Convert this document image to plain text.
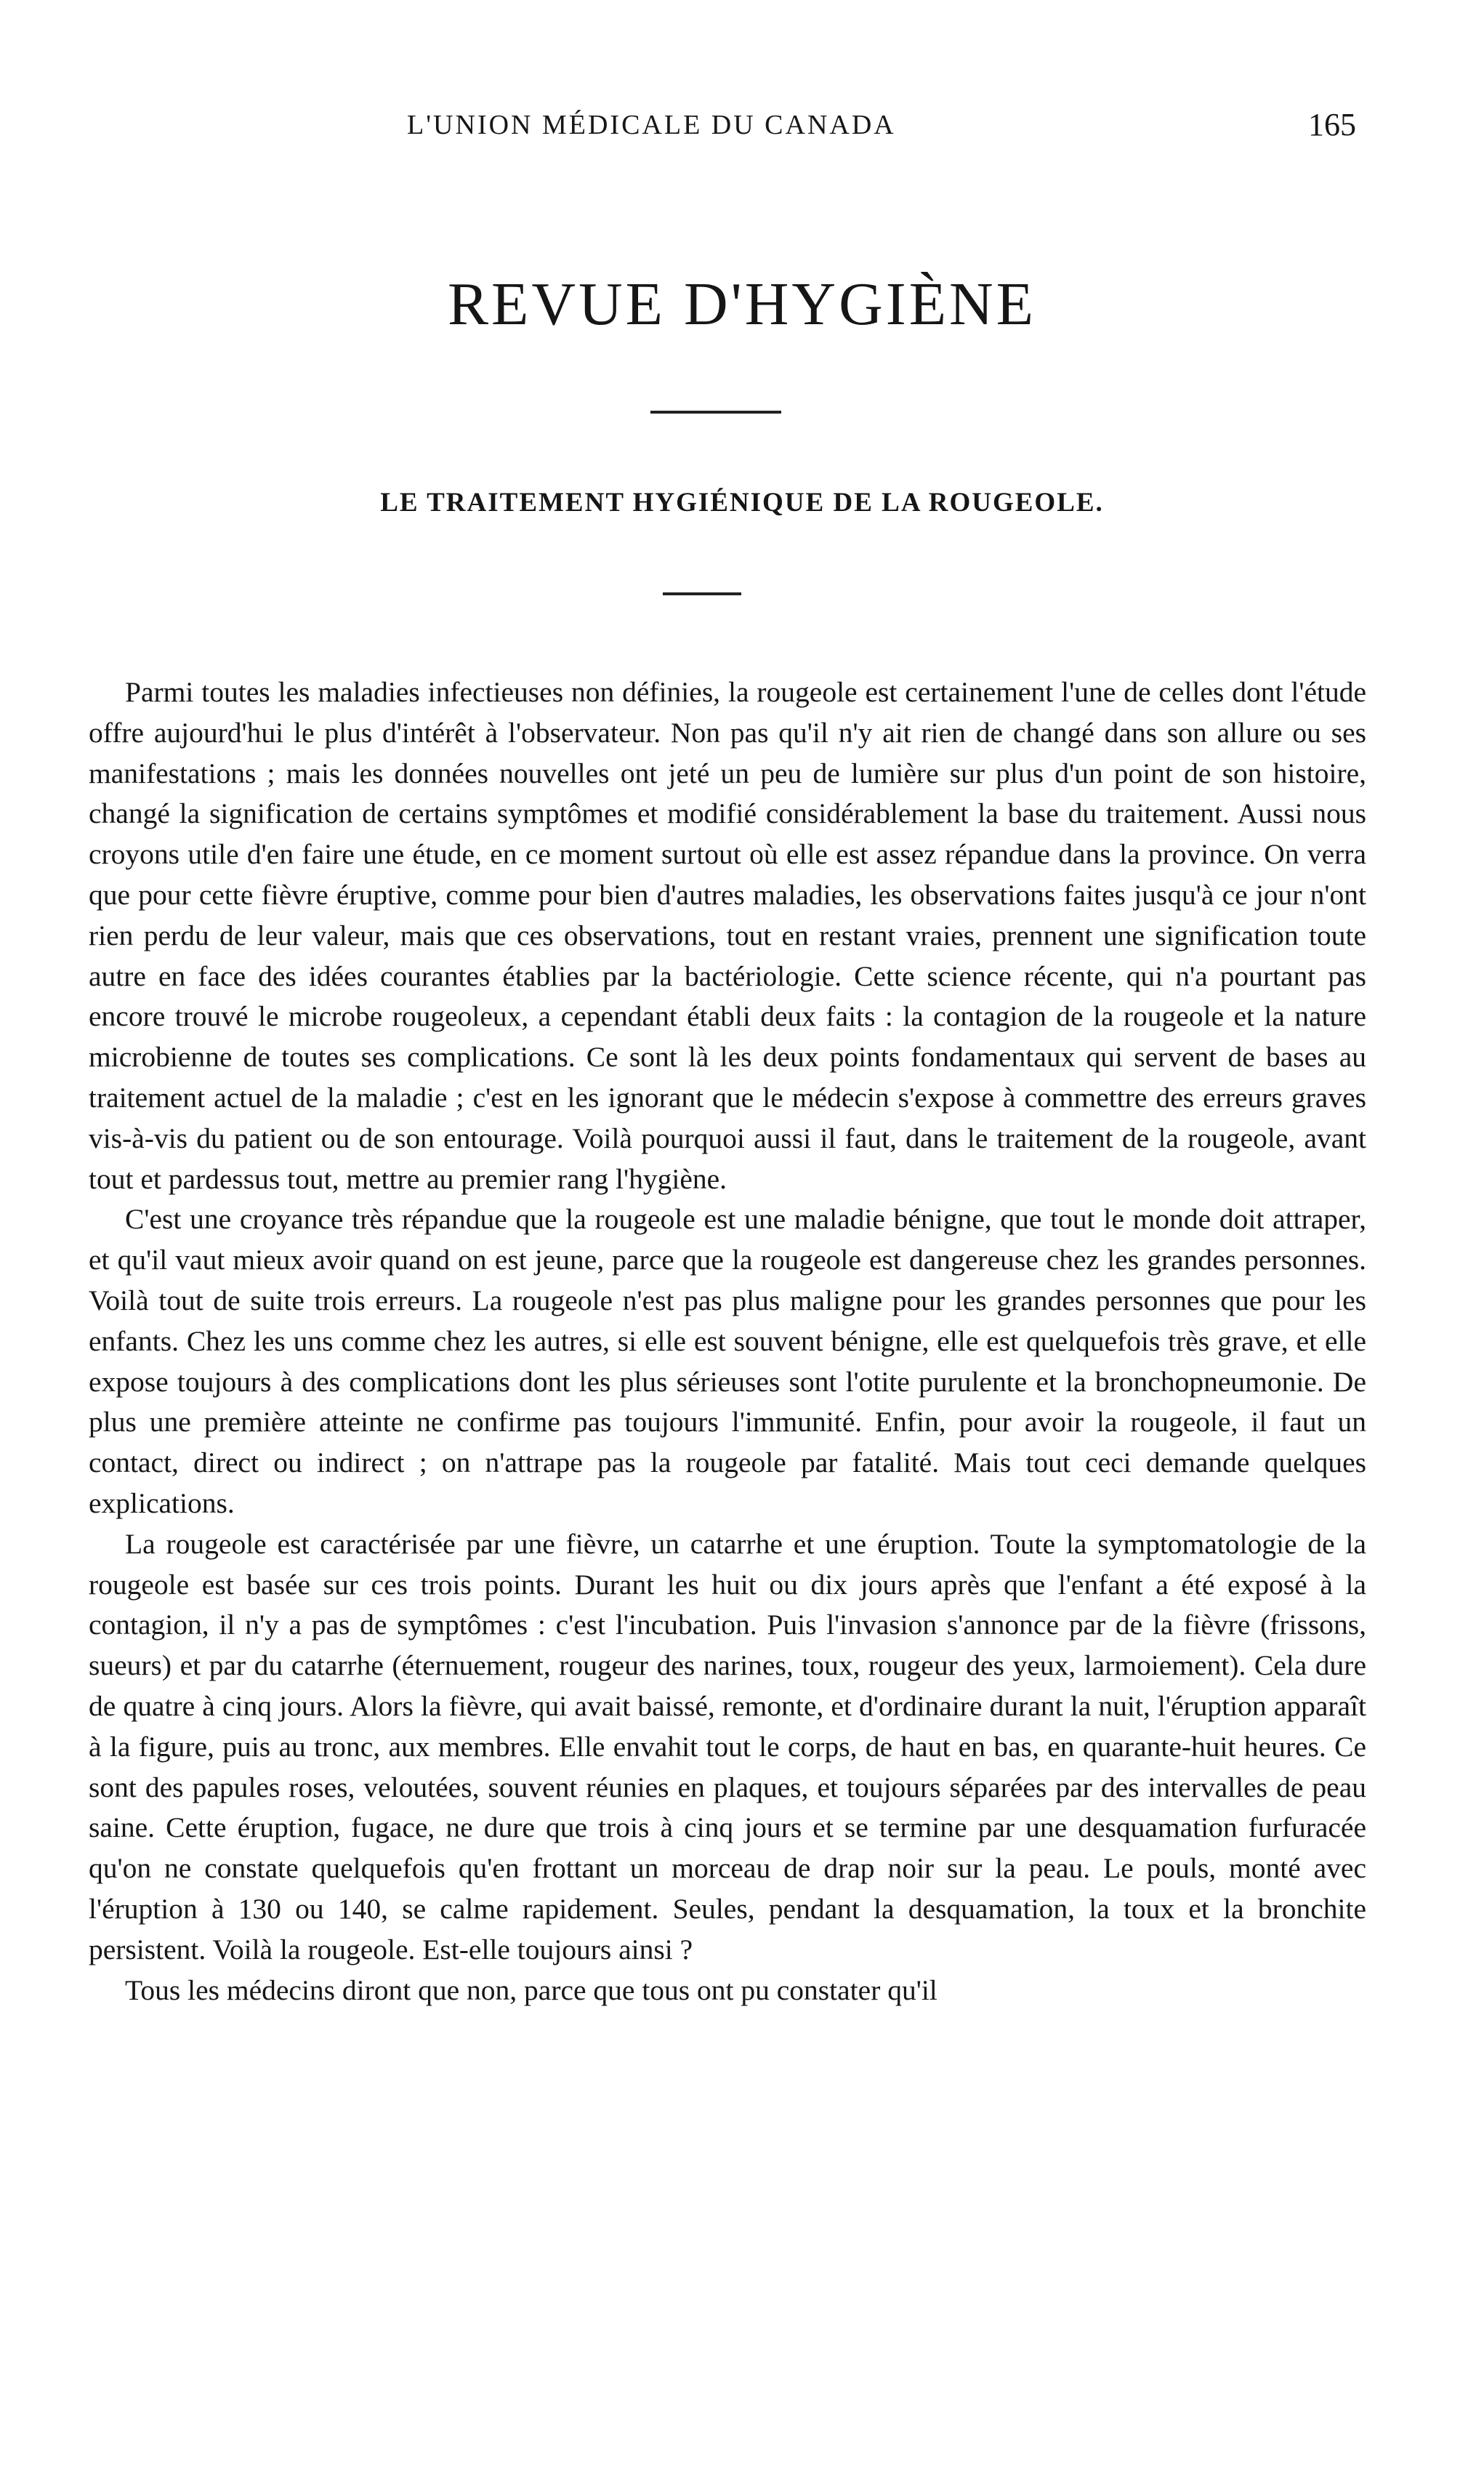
L'UNION MÉDICALE DU CANADA	165
REVUE D'HYGIÈNE
LE TRAITEMENT HYGIÉNIQUE DE LA ROUGEOLE.

Parmi toutes les maladies infectieuses non définies, la rougeole est certainement l'une de celles dont l'étude offre aujourd'hui le plus d'intérêt à l'observateur. Non pas qu'il n'y ait rien de changé dans son allure ou ses manifestations ; mais les données nouvelles ont jeté un peu de lumière sur plus d'un point de son histoire, changé la signification de certains symptômes et modifié considérablement la base du traitement. Aussi nous croyons utile d'en faire une étude, en ce moment surtout où elle est assez répandue dans la province. On verra que pour cette fièvre éruptive, comme pour bien d'autres maladies, les observations faites jusqu'à ce jour n'ont rien perdu de leur valeur, mais que ces observations, tout en restant vraies, prennent une signification toute autre en face des idées courantes établies par la bactériologie. Cette science récente, qui n'a pourtant pas encore trouvé le microbe rougeoleux, a cependant établi deux faits : la contagion de la rougeole et la nature microbienne de toutes ses complications. Ce sont là les deux points fondamentaux qui servent de bases au traitement actuel de la maladie ; c'est en les ignorant que le médecin s'expose à commettre des erreurs graves vis-à-vis du patient ou de son entourage. Voilà pourquoi aussi il faut, dans le traitement de la rougeole, avant tout et pardessus tout, mettre au premier rang l'hygiène.

C'est une croyance très répandue que la rougeole est une maladie bénigne, que tout le monde doit attraper, et qu'il vaut mieux avoir quand on est jeune, parce que la rougeole est dangereuse chez les grandes personnes. Voilà tout de suite trois erreurs. La rougeole n'est pas plus maligne pour les grandes personnes que pour les enfants. Chez les uns comme chez les autres, si elle est souvent bénigne, elle est quelquefois très grave, et elle expose toujours à des complications dont les plus sérieuses sont l'otite purulente et la bronchopneumonie. De plus une première atteinte ne confirme pas toujours l'immunité. Enfin, pour avoir la rougeole, il faut un contact, direct ou indirect ; on n'attrape pas la rougeole par fatalité. Mais tout ceci demande quelques explications.

La rougeole est caractérisée par une fièvre, un catarrhe et une éruption. Toute la symptomatologie de la rougeole est basée sur ces trois points. Durant les huit ou dix jours après que l'enfant a été exposé à la contagion, il n'y a pas de symptômes : c'est l'incubation. Puis l'invasion s'annonce par de la fièvre (frissons, sueurs) et par du catarrhe (éternuement, rougeur des narines, toux, rougeur des yeux, larmoiement). Cela dure de quatre à cinq jours. Alors la fièvre, qui avait baissé, remonte, et d'ordinaire durant la nuit, l'éruption apparaît à la figure, puis au tronc, aux membres. Elle envahit tout le corps, de haut en bas, en quarante-huit heures. Ce sont des papules roses, veloutées, souvent réunies en plaques, et toujours séparées par des intervalles de peau saine. Cette éruption, fugace, ne dure que trois à cinq jours et se termine par une desquamation furfuracée qu'on ne constate quelquefois qu'en frottant un morceau de drap noir sur la peau. Le pouls, monté avec l'éruption à 130 ou 140, se calme rapidement. Seules, pendant la desquamation, la toux et la bronchite persistent. Voilà la rougeole. Est-elle toujours ainsi ?

Tous les médecins diront que non, parce que tous ont pu constater qu'il
